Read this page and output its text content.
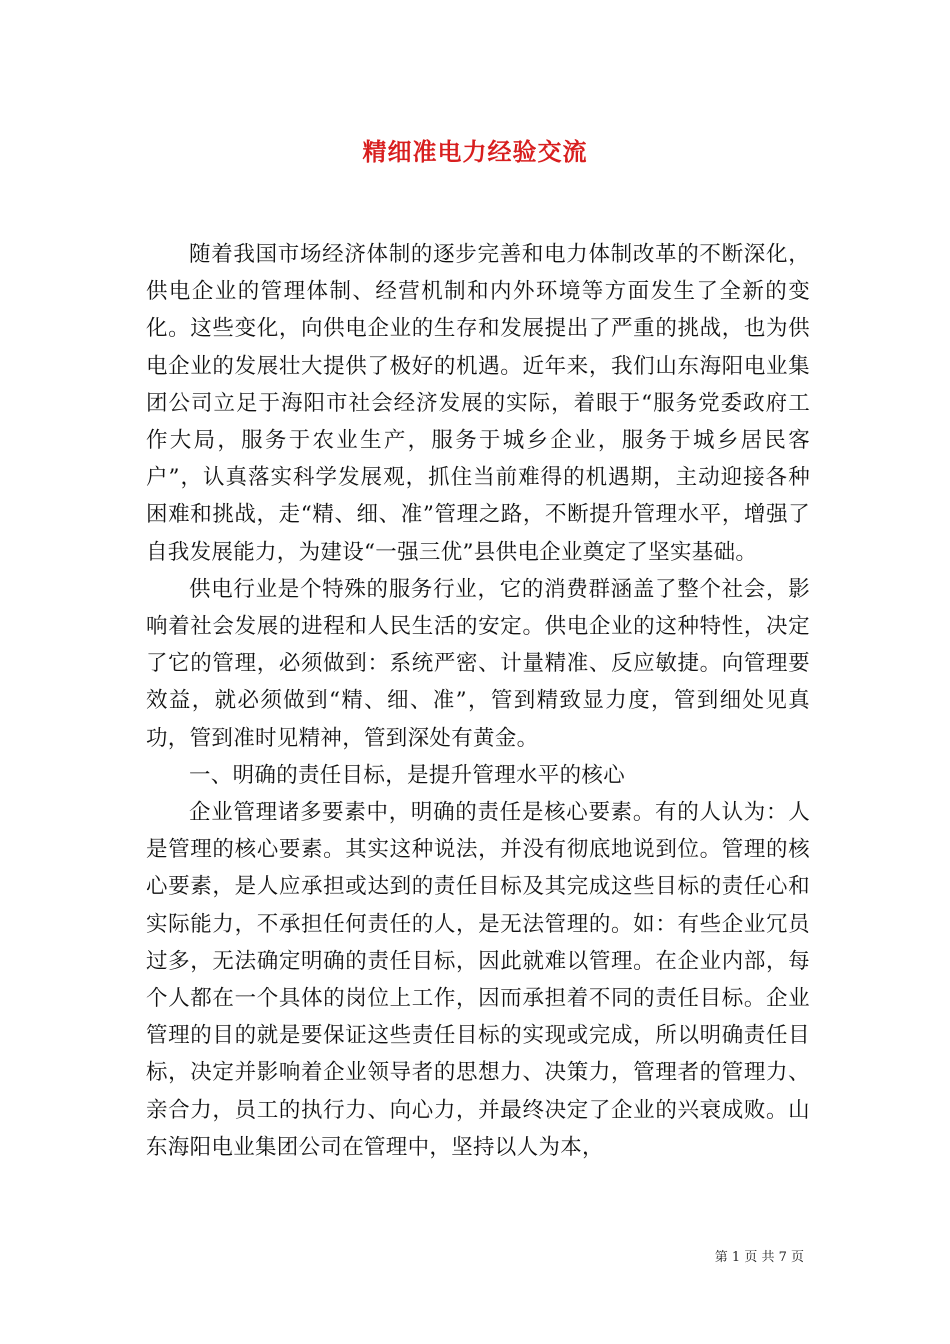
精细准电力经验交流

随着我国市场经济体制的逐步完善和电力体制改革的不断深化，供电企业的管理体制、经营机制和内外环境等方面发生了全新的变化。这些变化，向供电企业的生存和发展提出了严重的挑战，也为供电企业的发展壮大提供了极好的机遇。近年来，我们山东海阳电业集团公司立足于海阳市社会经济发展的实际，着眼于“服务党委政府工作大局，服务于农业生产，服务于城乡企业，服务于城乡居民客户”，认真落实科学发展观，抓住当前难得的机遇期，主动迎接各种困难和挑战，走“精、细、准”管理之路，不断提升管理水平，增强了自我发展能力，为建设“一强三优”县供电企业奠定了坚实基础。

供电行业是个特殊的服务行业，它的消费群涵盖了整个社会，影响着社会发展的进程和人民生活的安定。供电企业的这种特性，决定了它的管理，必须做到：系统严密、计量精准、反应敏捷。向管理要效益，就必须做到“精、细、准”，管到精致显力度，管到细处见真功，管到准时见精神，管到深处有黄金。

一、明确的责任目标，是提升管理水平的核心

企业管理诸多要素中，明确的责任是核心要素。有的人认为：人是管理的核心要素。其实这种说法，并没有彻底地说到位。管理的核心要素，是人应承担或达到的责任目标及其完成这些目标的责任心和实际能力，不承担任何责任的人，是无法管理的。如：有些企业冗员过多，无法确定明确的责任目标，因此就难以管理。在企业内部，每个人都在一个具体的岗位上工作，因而承担着不同的责任目标。企业管理的目的就是要保证这些责任目标的实现或完成，所以明确责任目标，决定并影响着企业领导者的思想力、决策力，管理者的管理力、亲合力，员工的执行力、向心力，并最终决定了企业的兴衰成败。山东海阳电业集团公司在管理中，坚持以人为本，

第 1 页 共 7 页
